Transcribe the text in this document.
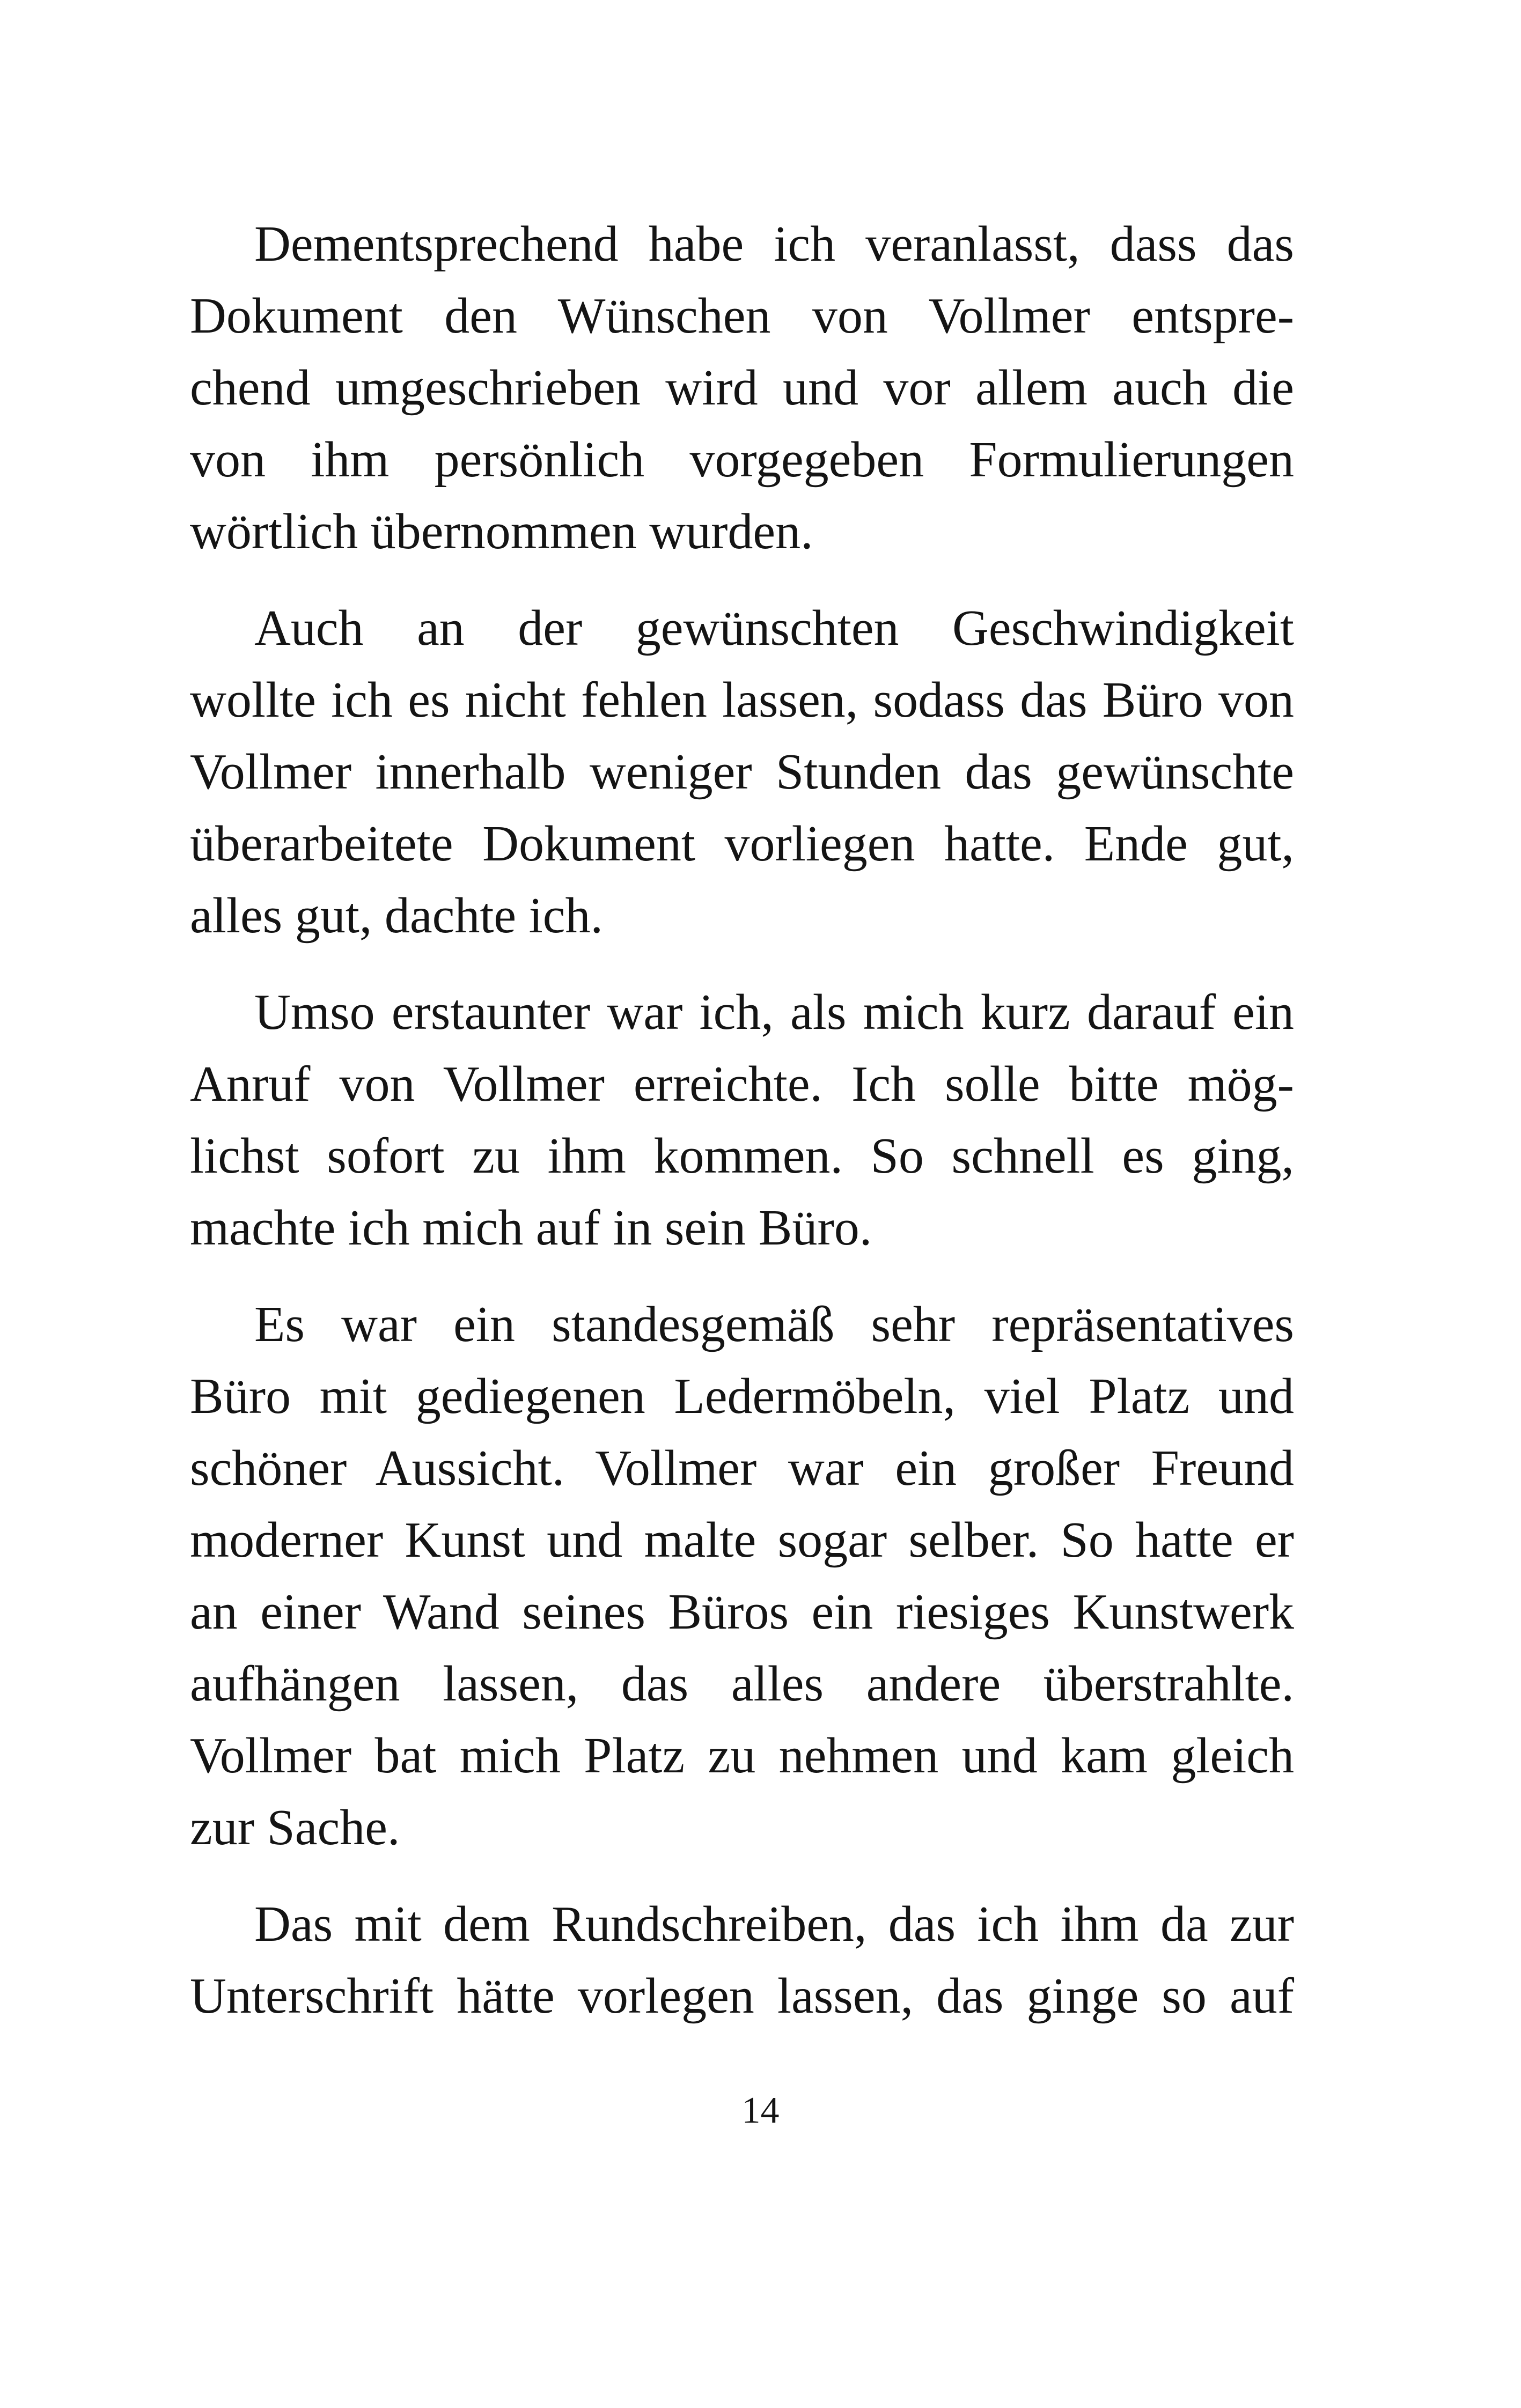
Dementsprechend habe ich veranlasst, dass das
Dokument den Wünschen von Vollmer entspre-
chend umgeschrieben wird und vor allem auch die
von ihm persönlich vorgegeben Formulierungen
wörtlich übernommen wurden.
Auch an der gewünschten Geschwindigkeit
wollte ich es nicht fehlen lassen, sodass das Büro von
Vollmer innerhalb weniger Stunden das gewünschte
überarbeitete Dokument vorliegen hatte. Ende gut,
alles gut, dachte ich.
Umso erstaunter war ich, als mich kurz darauf ein
Anruf von Vollmer erreichte. Ich solle bitte mög-
lichst sofort zu ihm kommen. So schnell es ging,
machte ich mich auf in sein Büro.
Es war ein standesgemäß sehr repräsentatives
Büro mit gediegenen Ledermöbeln, viel Platz und
schöner Aussicht. Vollmer war ein großer Freund
moderner Kunst und malte sogar selber. So hatte er
an einer Wand seines Büros ein riesiges Kunstwerk
aufhängen lassen, das alles andere überstrahlte.
Vollmer bat mich Platz zu nehmen und kam gleich
zur Sache.
Das mit dem Rundschreiben, das ich ihm da zur
Unterschrift hätte vorlegen lassen, das ginge so auf
14
